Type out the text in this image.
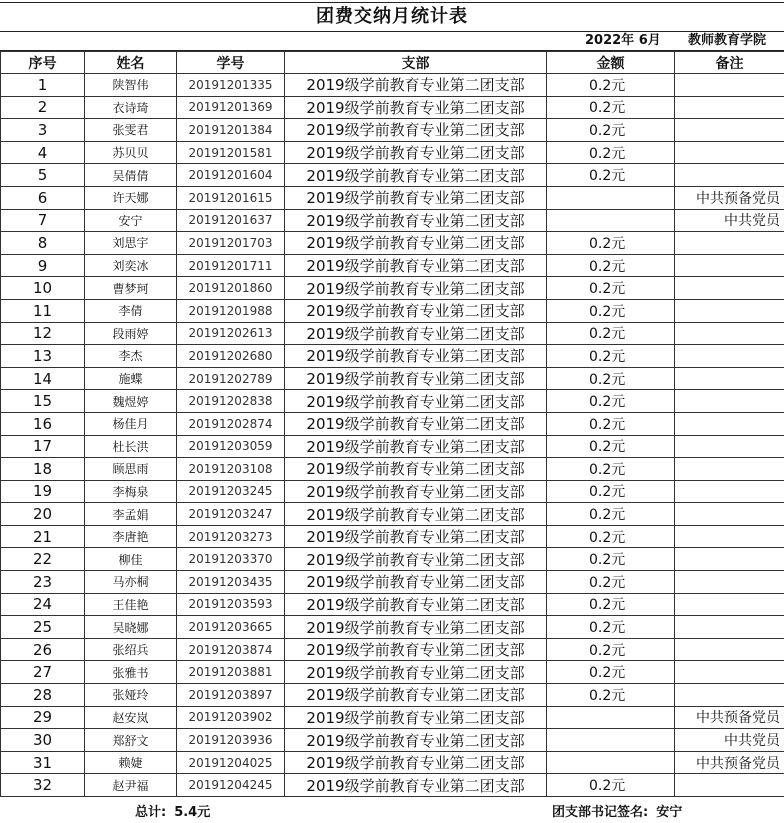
团费交纳月统计表
2022年 6月 教师教育学院
序号	姓名	学号	支部	金额	备注
1	陕智伟	20191201335	2019级学前教育专业第二团支部	0.2元	
2	衣诗琦	20191201369	2019级学前教育专业第二团支部	0.2元	
3	张雯君	20191201384	2019级学前教育专业第二团支部	0.2元	
4	苏贝贝	20191201581	2019级学前教育专业第二团支部	0.2元	
5	吴倩倩	20191201604	2019级学前教育专业第二团支部	0.2元	
6	许天娜	20191201615	2019级学前教育专业第二团支部		中共预备党员
7	安宁	20191201637	2019级学前教育专业第二团支部		中共党员
8	刘思宇	20191201703	2019级学前教育专业第二团支部	0.2元	
9	刘奕冰	20191201711	2019级学前教育专业第二团支部	0.2元	
10	曹梦珂	20191201860	2019级学前教育专业第二团支部	0.2元	
11	李倩	20191201988	2019级学前教育专业第二团支部	0.2元	
12	段雨婷	20191202613	2019级学前教育专业第二团支部	0.2元	
13	李杰	20191202680	2019级学前教育专业第二团支部	0.2元	
14	施蝶	20191202789	2019级学前教育专业第二团支部	0.2元	
15	魏煜婷	20191202838	2019级学前教育专业第二团支部	0.2元	
16	杨佳月	20191202874	2019级学前教育专业第二团支部	0.2元	
17	杜长洪	20191203059	2019级学前教育专业第二团支部	0.2元	
18	顾思雨	20191203108	2019级学前教育专业第二团支部	0.2元	
19	李梅泉	20191203245	2019级学前教育专业第二团支部	0.2元	
20	李孟娟	20191203247	2019级学前教育专业第二团支部	0.2元	
21	李唐艳	20191203273	2019级学前教育专业第二团支部	0.2元	
22	柳佳	20191203370	2019级学前教育专业第二团支部	0.2元	
23	马亦桐	20191203435	2019级学前教育专业第二团支部	0.2元	
24	王佳艳	20191203593	2019级学前教育专业第二团支部	0.2元	
25	吴晓娜	20191203665	2019级学前教育专业第二团支部	0.2元	
26	张绍兵	20191203874	2019级学前教育专业第二团支部	0.2元	
27	张雅书	20191203881	2019级学前教育专业第二团支部	0.2元	
28	张娅玲	20191203897	2019级学前教育专业第二团支部	0.2元	
29	赵安岚	20191203902	2019级学前教育专业第二团支部		中共预备党员
30	郑舒文	20191203936	2019级学前教育专业第二团支部		中共党员
31	赖婕	20191204025	2019级学前教育专业第二团支部		中共预备党员
32	赵尹福	20191204245	2019级学前教育专业第二团支部	0.2元	
总计: 5.4元	团支部书记签名: 安宁
